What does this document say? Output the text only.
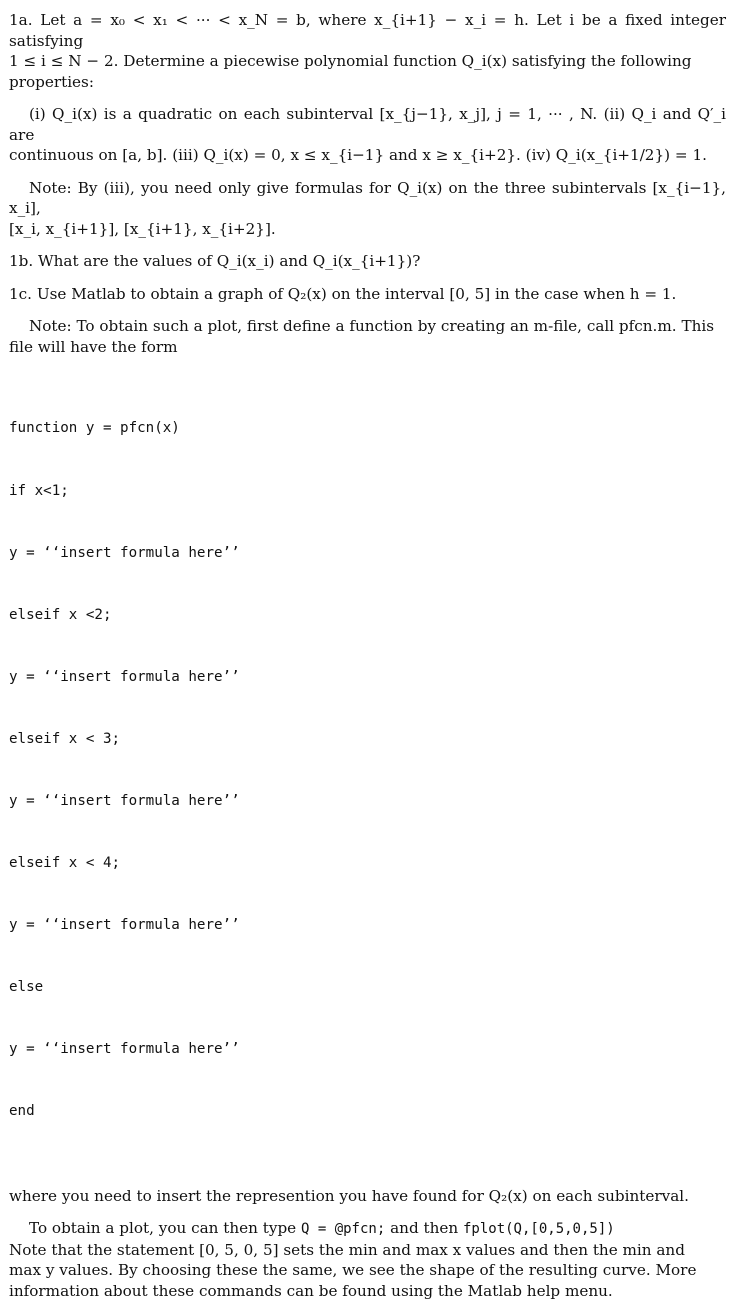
1a. Let a = x₀ < x₁ < ··· < x_N = b, where x_{i+1} − x_i = h. Let i be a fixed integer satisfying

1 ≤ i ≤ N − 2. Determine a piecewise polynomial function Q_i(x) satisfying the following

properties:

(i) Q_i(x) is a quadratic on each subinterval [x_{j−1}, x_j], j = 1, ··· , N. (ii) Q_i and Q′_i are

continuous on [a, b]. (iii) Q_i(x) = 0, x ≤ x_{i−1} and x ≥ x_{i+2}. (iv) Q_i(x_{i+1/2}) = 1.

Note: By (iii), you need only give formulas for Q_i(x) on the three subintervals [x_{i−1}, x_i],

[x_i, x_{i+1}], [x_{i+1}, x_{i+2}].

1b. What are the values of Q_i(x_i) and Q_i(x_{i+1})?

1c. Use Matlab to obtain a graph of Q₂(x) on the interval [0, 5] in the case when h = 1.

Note: To obtain such a plot, first define a function by creating an m-file, call pfcn.m. This

file will have the form

function y = pfcn(x)

if x<1;

y = ‘‘insert formula here’’

elseif x <2;

y = ‘‘insert formula here’’

elseif x < 3;

y = ‘‘insert formula here’’

elseif x < 4;

y = ‘‘insert formula here’’

else

y = ‘‘insert formula here’’

end

where you need to insert the represention you have found for Q₂(x) on each subinterval.

To obtain a plot, you can then type Q = @pfcn; and then fplot(Q,[0,5,0,5])

Note that the statement [0, 5, 0, 5] sets the min and max x values and then the min and

max y values. By choosing these the same, we see the shape of the resulting curve. More

information about these commands can be found using the Matlab help menu.
